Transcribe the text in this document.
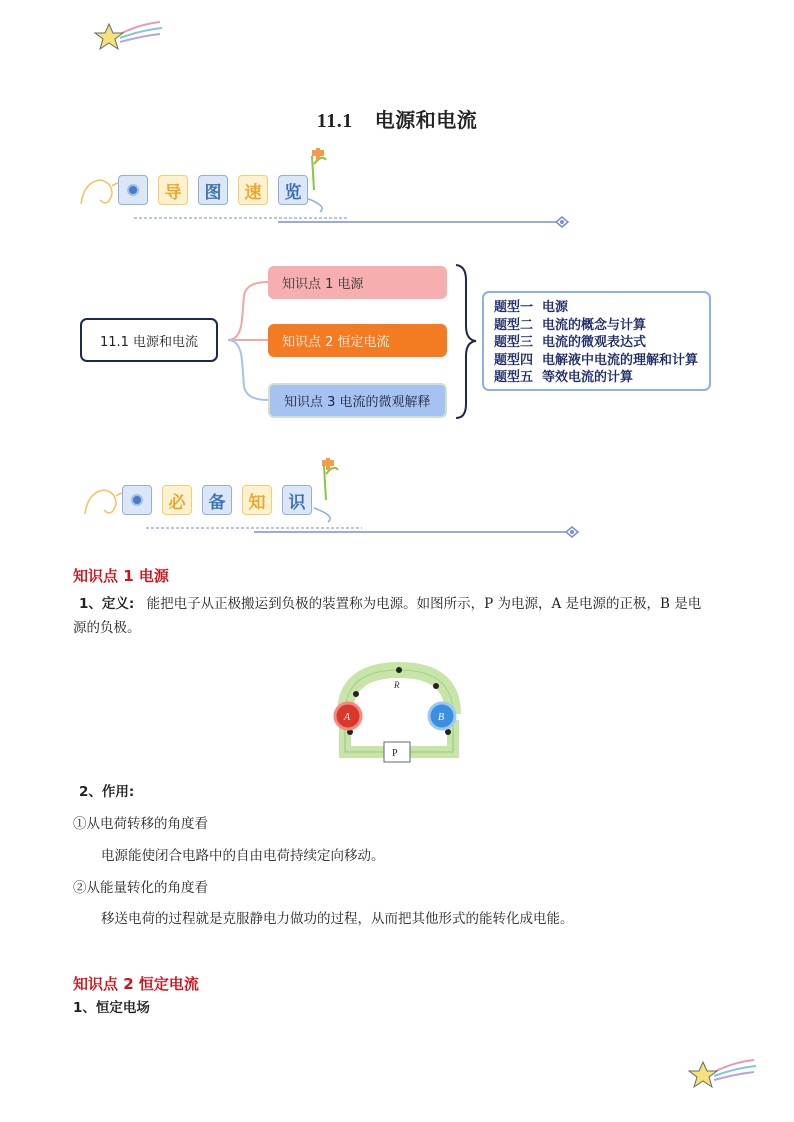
11.1 电源和电流
导	图	速	览
11.1 电源和电流
知识点 1 电源
知识点 2 恒定电流
知识点 3 电流的微观解释
题型一 电源
题型二 电流的概念与计算
题型三 电流的微观表达式
题型四 电解液中电流的理解和计算
题型五 等效电流的计算
必	备	知	识
知识点 1 电源
1、定义: 能把电子从正极搬运到负极的装置称为电源。如图所示，P 为电源，A 是电源的正极，B 是电
源的负极。
R
A	B
P
2、作用:
①从电荷转移的角度看
电源能使闭合电路中的自由电荷持续定向移动。
②从能量转化的角度看
移送电荷的过程就是克服静电力做功的过程，从而把其他形式的能转化成电能。
知识点 2 恒定电流
1、恒定电场
